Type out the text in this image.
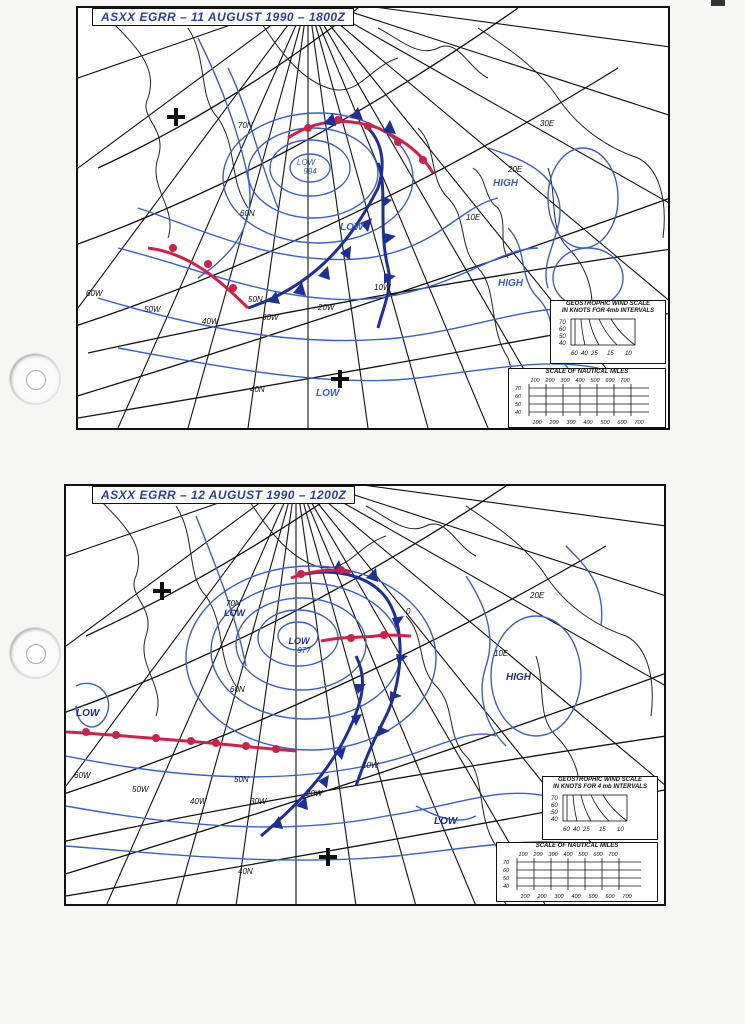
LOW
994
LOW
LOW
HIGH
HIGH
40N
50N
60N
70N
60W
50W
40W	30W
20W
10W
10E
20E
30E
ASXX EGRR – 11 AUGUST 1990 – 1800Z
GEOSTROPHIC WIND SCALE
IN KNOTS FOR 4mb INTERVALS
70
60
50
40
60 40 25 15 10
SCALE OF NAUTICAL MILES
100 200 300 400 500 600 700
100 200 300 400 500 600 700
70
60
50
40
LOW
977
LOW
LOW
LOW
HIGH
40N
50N
60N
70N
60W
50W
40W	30W
20W
10W
0
10E
20E
ASXX EGRR – 12 AUGUST 1990 – 1200Z
GEOSTROPHIC WIND SCALE
IN KNOTS FOR 4 mb INTERVALS
70
60
50
40
60 40 25 15 10
SCALE OF NAUTICAL MILES
100 200 300 400 500 600 700
100 200 300 400 500 600 700
70
60
50
40
